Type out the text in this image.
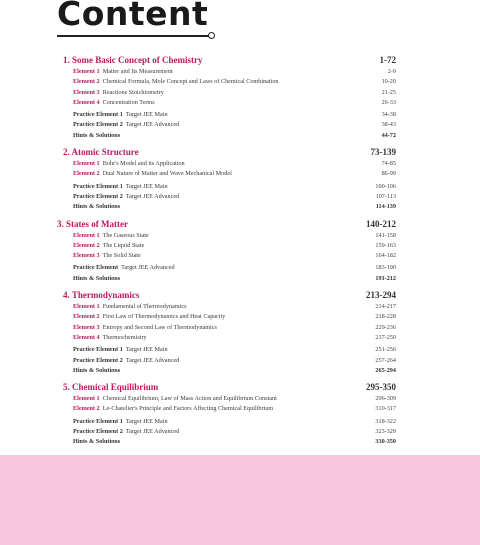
Content
1. Some Basic Concept of Chemistry	1-72
Element 1 Matter and Its Measurement	2-9
Element 2 Chemical Formula, Mole Concept and Laws of Chemical Combination	10-20
Element 3 Reactions Stoichiometry	21-25
Element 4 Concentration Terms	26-33
Practice Element 1 Target JEE Main	34-38
Practice Element 2 Target JEE Advanced	38-43
Hints & Solutions	44-72
2. Atomic Structure	73-139
Element 1 Bohr's Model and its Application	74-85
Element 2 Dual Nature of Matter and Wave Mechanical Model	86-99
Practice Element 1 Target JEE Main	100-106
Practice Element 2 Target JEE Advanced	107-113
Hints & Solutions	114-139
3. States of Matter	140-212
Element 1 The Gaseous State	141-158
Element 2 The Liquid State	159-163
Element 3 The Solid State	164-182
Practice Element Target JEE Advanced	183-190
Hints & Solutions	191-212
4. Thermodynamics	213-294
Element 1 Fundamental of Thermodynamics	214-217
Element 2 First Law of Thermodynamics and Heat Capacity	218-228
Element 3 Entropy and Second Law of Thermodynamics	229-236
Element 4 Thermochemistry	237-250
Practice Element 1 Target JEE Main	251-256
Practice Element 2 Target JEE Advanced	257-264
Hints & Solutions	265-294
5. Chemical Equilibrium	295-350
Element 1 Chemical Equilibrium, Law of Mass Action and Equilibrium Constant	296-309
Element 2 Le-Chatelier's Principle and Factors Affecting Chemical Equilibrium	310-317
Practice Element 1 Target JEE Main	318-322
Practice Element 2 Target JEE Advanced	323-329
Hints & Solutions	330-350
